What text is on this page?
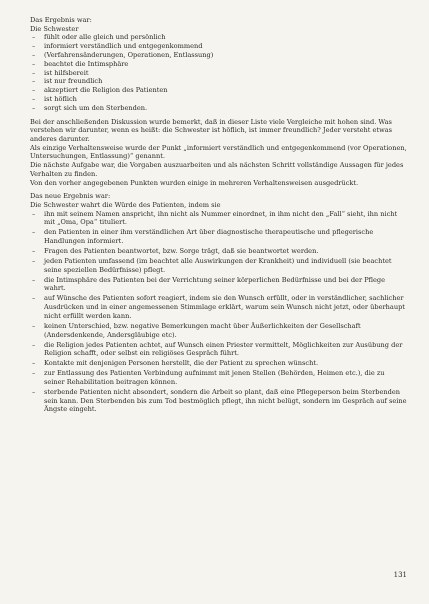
Das Ergebnis war:

Die Schwester

– fühlt oder alle gleich und persönlich
– informiert verständlich und entgegenkommend
– (Verfahrensänderungen, Operationen, Entlassung)
– beachtet die Intimsphäre
– ist hilfsbereit
– ist nur freundlich
– akzeptiert die Religion des Patienten
– ist höflich
– sorgt sich um den Sterbenden.

Bei der anschließenden Diskussion wurde bemerkt, daß in dieser Liste viele Vergleiche mit hohen sind. Was verstehen wir darunter, wenn es heißt: die Schwester ist höflich, ist immer freundlich? Jeder versteht etwas anderes darunter.

Als einzige Verhaltensweise wurde der Punkt „informiert verständlich und entgegenkommend (vor Operationen, Untersuchungen, Entlassung)“ genannt.

Die nächste Aufgabe war, die Vorgaben auszuarbeiten und als nächsten Schritt vollständige Aussagen für jedes Verhalten zu finden.

Von den vorher angegebenen Punkten wurden einige in mehreren Verhaltensweisen ausgedrückt.

Das neue Ergebnis war:

Die Schwester wahrt die Würde des Patienten, indem sie

– ihn mit seinem Namen anspricht, ihn nicht als Nummer einordnet, in ihm nicht den „Fall“ sieht, ihn nicht mit „Oma, Opa“ tituliert.
– den Patienten in einer ihm verständlichen Art über diagnostische therapeutische und pflegerische Handlungen informiert.
– Fragen des Patienten beantwortet, bzw. Sorge trägt, daß sie beantwortet werden.
– jeden Patienten umfassend (im beachtet alle Auswirkungen der Krankheit) und individuell (sie beachtet seine speziellen Bedürfnisse) pflegt.
– die Intimsphäre des Patienten bei der Verrichtung seiner körperlichen Bedürfnisse und bei der Pflege wahrt.
– auf Wünsche des Patienten sofort reagiert, indem sie den Wunsch erfüllt, oder in verständlicher, sachlicher Ausdrücken und in einer angemessenen Stimmlage erklärt, warum sein Wunsch nicht jetzt, oder überhaupt nicht erfüllt werden kann.
– keinen Unterschied, bzw. negative Bemerkungen macht über Äußerlichkeiten der Gesellschaft (Andersdenkende, Andersgläubige etc).
– die Religion jedes Patienten achtet, auf Wunsch einen Priester vermittelt, Möglichkeiten zur Ausübung der Religion schafft, oder selbst ein religiöses Gespräch führt.
– Kontakte mit denjenigen Personen herstellt, die der Patient zu sprechen wünscht.
– zur Entlassung des Patienten Verbindung aufnimmt mit jenen Stellen (Behörden, Heimen etc.), die zu seiner Rehabilitation beitragen können.
– sterbende Patienten nicht absondert, sondern die Arbeit so plant, daß eine Pflegeperson beim Sterbenden sein kann. Den Sterbenden bis zum Tod bestmöglich pflegt, ihn nicht belügt, sondern im Gespräch auf seine Ängste eingeht.
131
